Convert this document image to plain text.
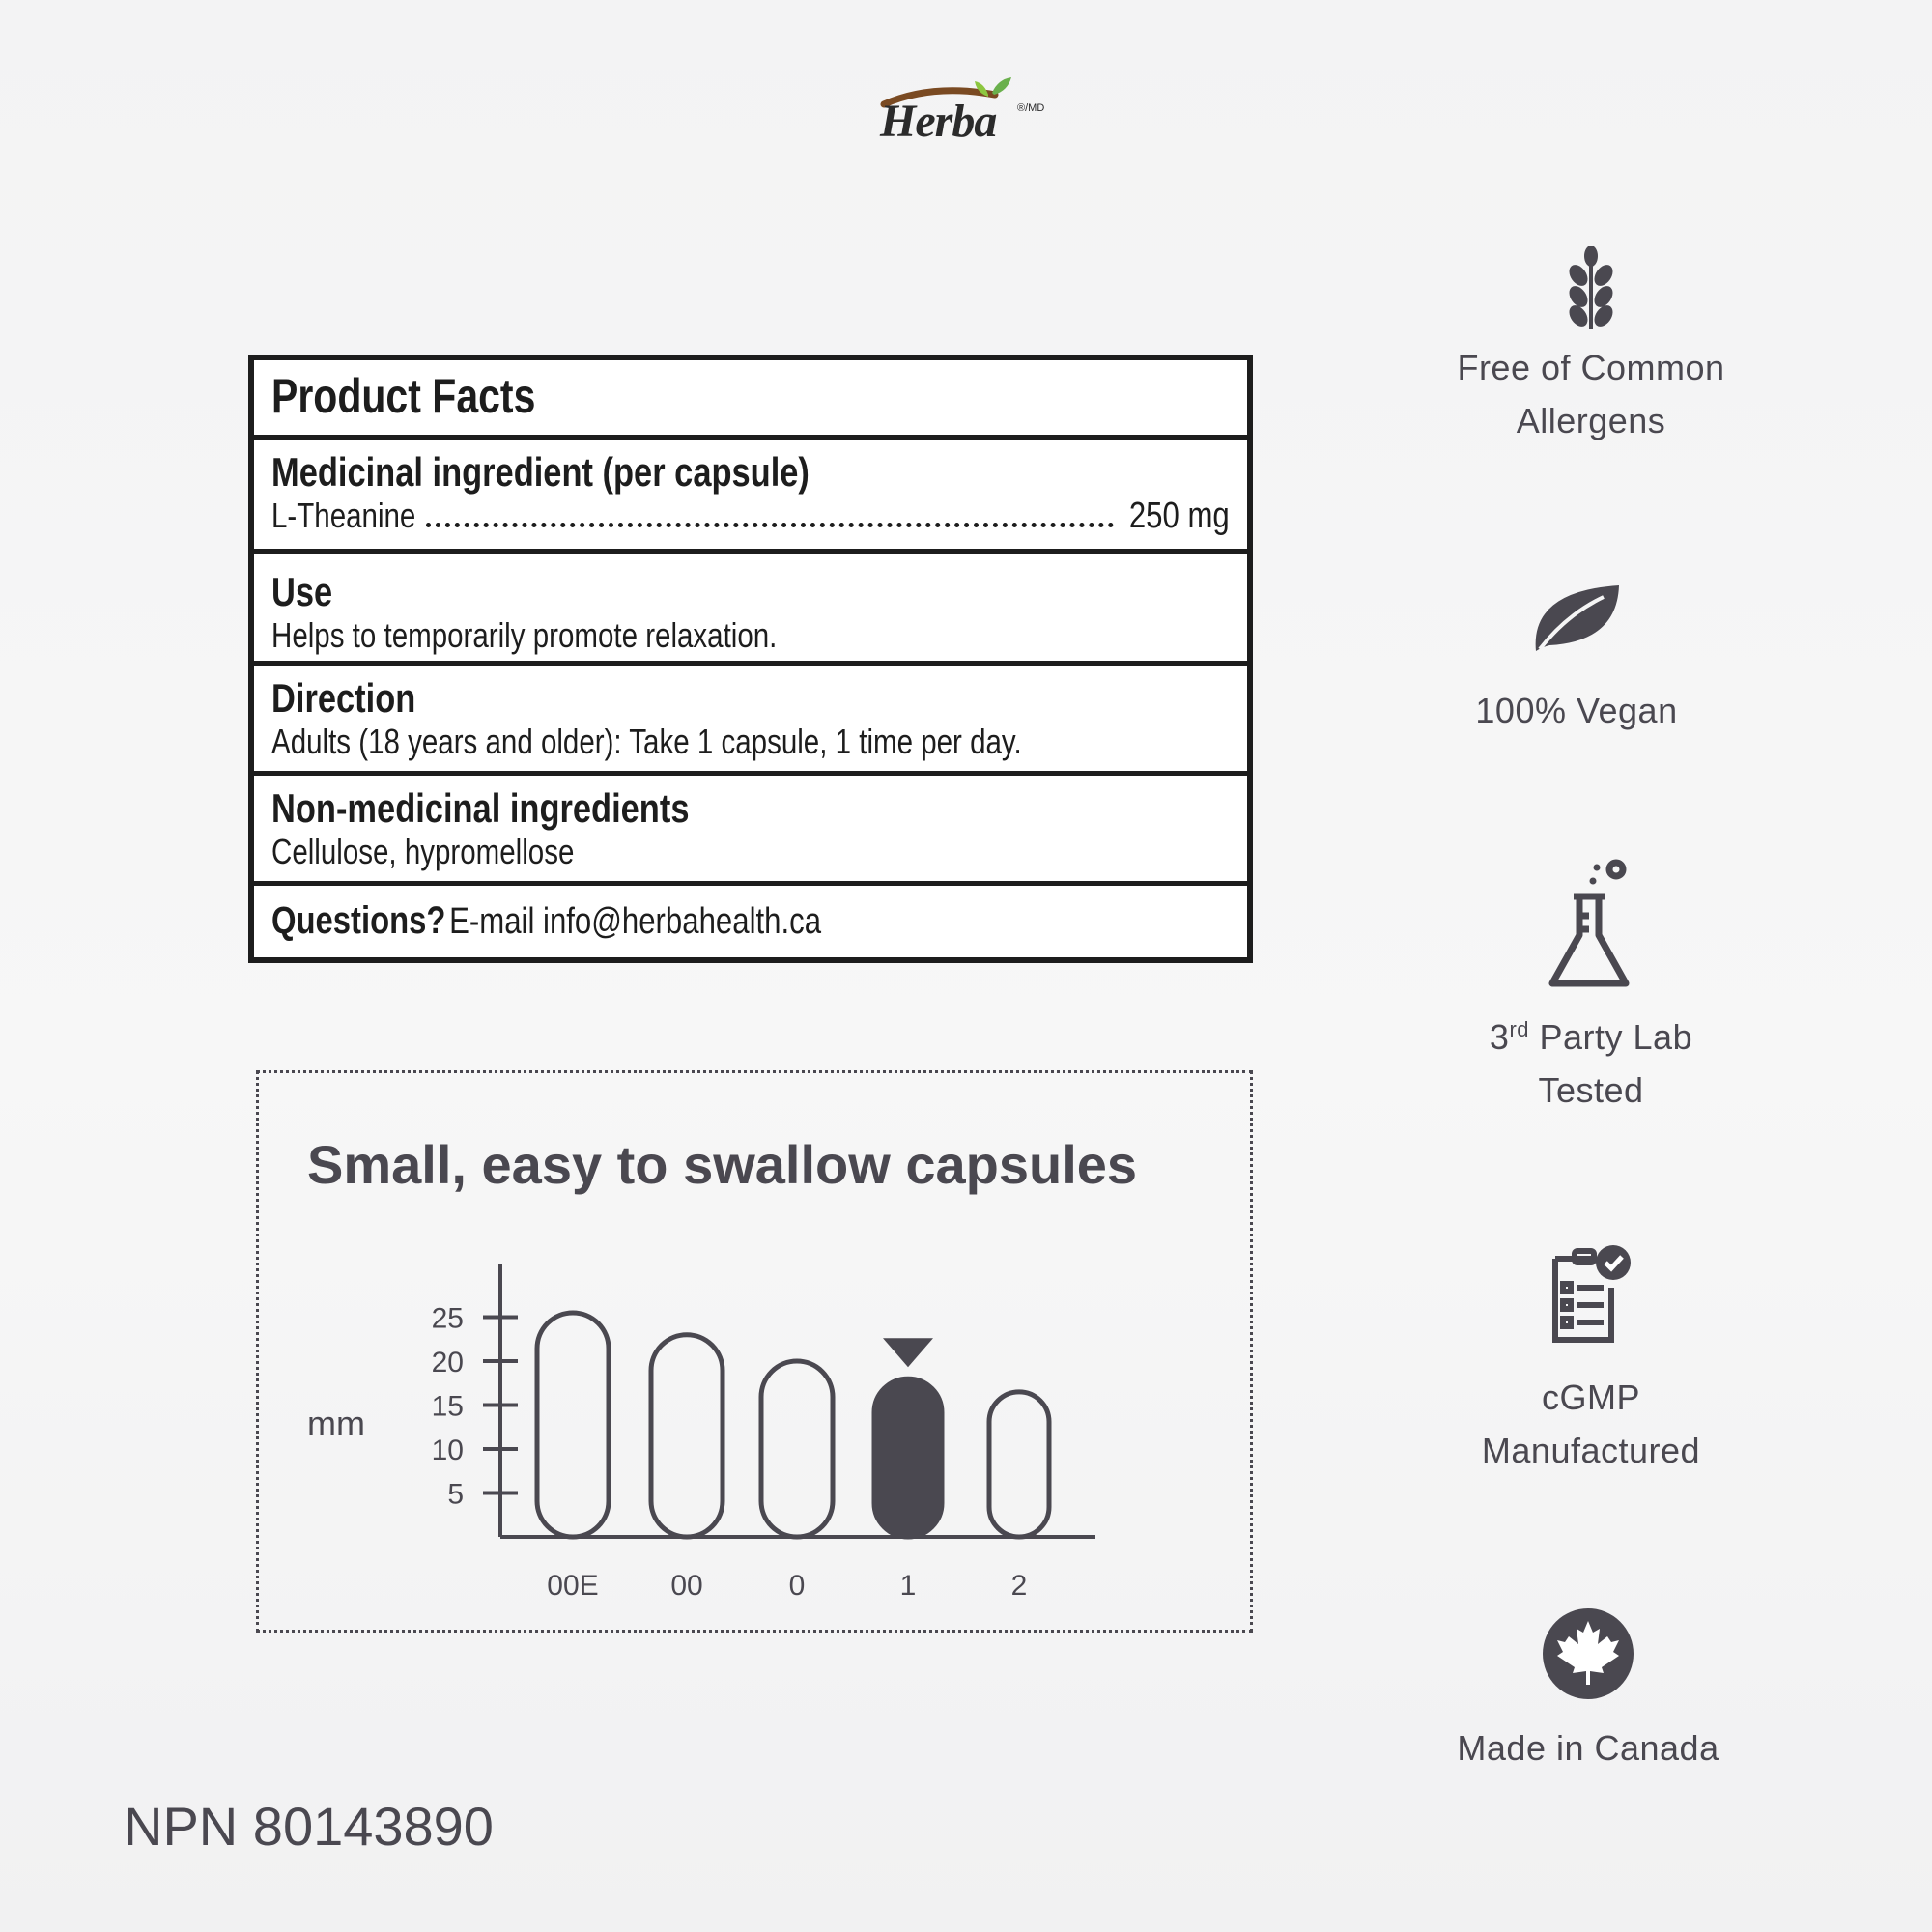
Herba ®/MD
Product Facts
Medicinal ingredient (per capsule)
L-Theanine	250 mg
Use
Helps to temporarily promote relaxation.
Direction
Adults (18 years and older): Take 1 capsule, 1 time per day.
Non-medicinal ingredients
Cellulose, hypromellose
Questions? E-mail info@herbahealth.ca
Small, easy to swallow capsules
mm
5
10
15
20
25
00E 00	0	1	2
Free of Common Allergens
100% Vegan
3rd Party Lab Tested
cGMP Manufactured
Made in Canada
NPN 80143890
